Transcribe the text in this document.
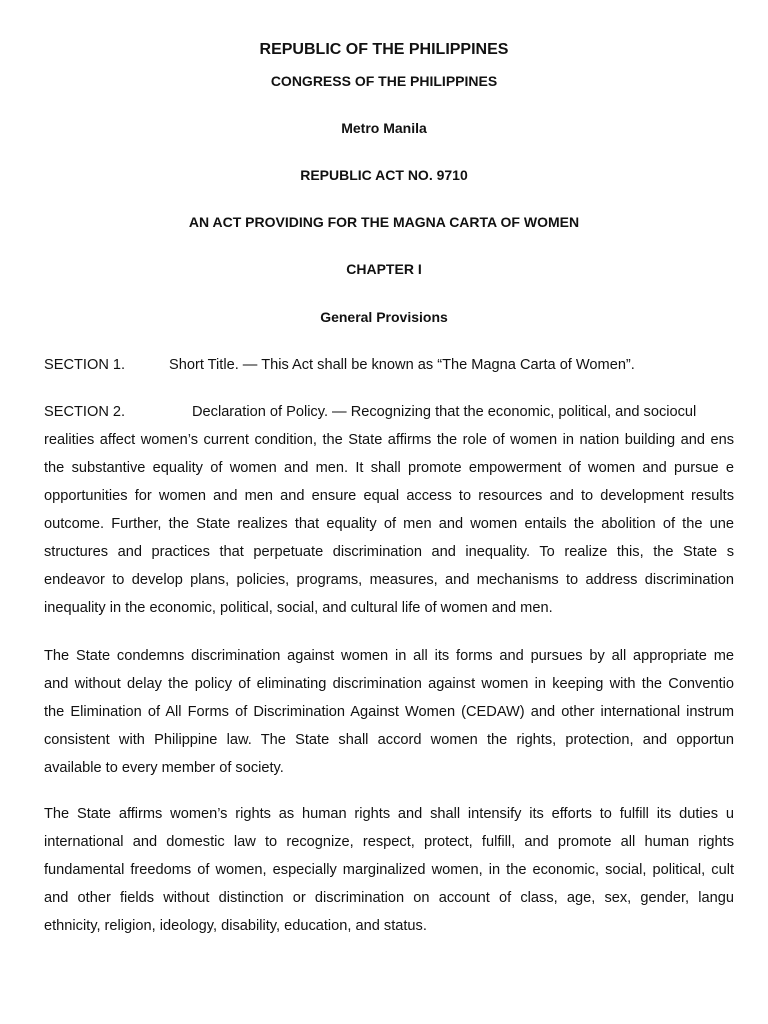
REPUBLIC OF THE PHILIPPINES
CONGRESS OF THE PHILIPPINES
Metro Manila
REPUBLIC ACT NO. 9710
AN ACT PROVIDING FOR THE MAGNA CARTA OF WOMEN
CHAPTER I
General Provisions
SECTION 1.	Short Title. — This Act shall be known as “The Magna Carta of Women”.
SECTION 2.	Declaration of Policy. — Recognizing that the economic, political, and sociocul
realities affect women’s current condition, the State affirms the role of women in nation building and ens
the substantive equality of women and men. It shall promote empowerment of women and pursue e
opportunities for women and men and ensure equal access to resources and to development results
outcome. Further, the State realizes that equality of men and women entails the abolition of the une
structures and practices that perpetuate discrimination and inequality. To realize this, the State s
endeavor to develop plans, policies, programs, measures, and mechanisms to address discrimination
inequality in the economic, political, social, and cultural life of women and men.
The State condemns discrimination against women in all its forms and pursues by all appropriate me
and without delay the policy of eliminating discrimination against women in keeping with the Conventio
the Elimination of All Forms of Discrimination Against Women (CEDAW) and other international instrum
consistent with Philippine law. The State shall accord women the rights, protection, and opportun
available to every member of society.
The State affirms women’s rights as human rights and shall intensify its efforts to fulfill its duties u
international and domestic law to recognize, respect, protect, fulfill, and promote all human rights
fundamental freedoms of women, especially marginalized women, in the economic, social, political, cult
and other fields without distinction or discrimination on account of class, age, sex, gender, langu
ethnicity, religion, ideology, disability, education, and status.
